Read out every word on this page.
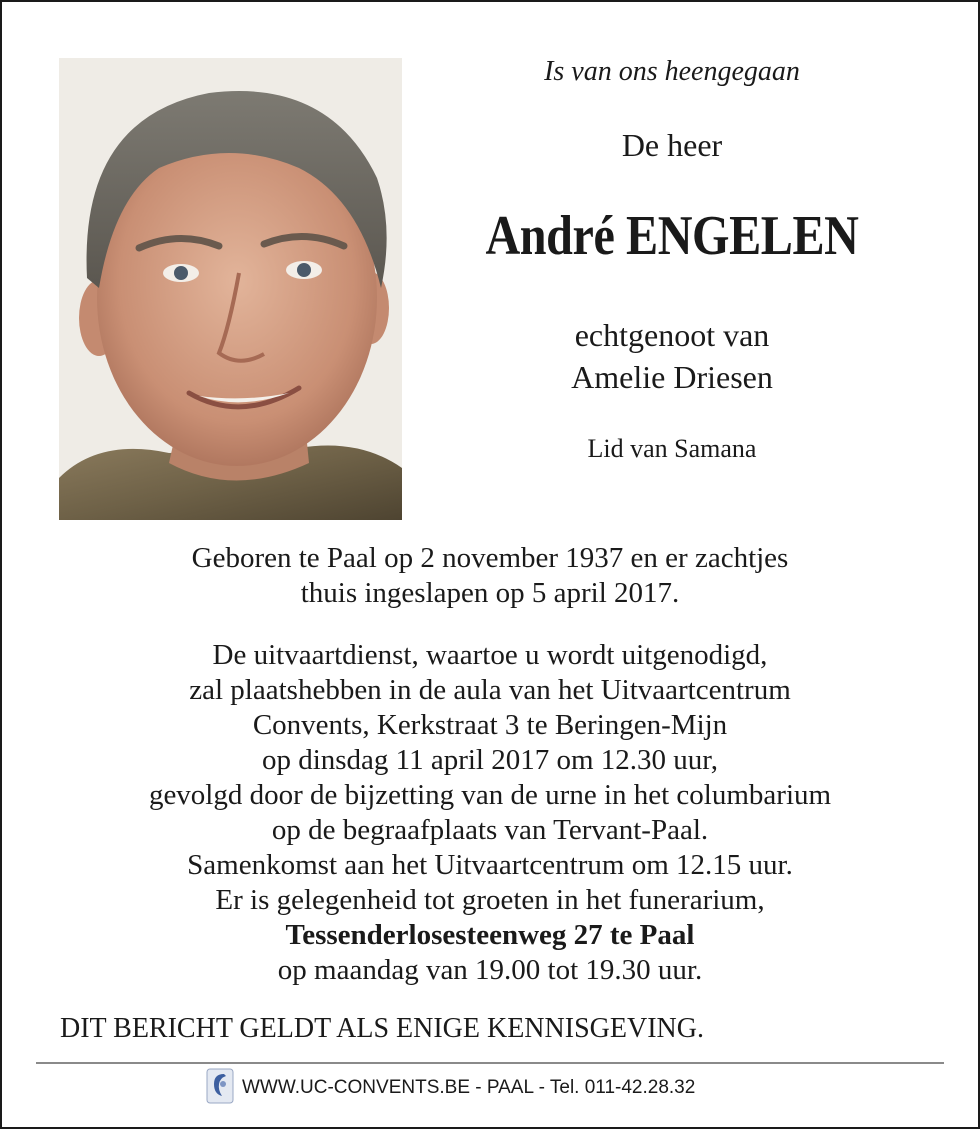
Is van ons heengegaan
De heer
André ENGELEN
echtgenoot van
Amelie Driesen
Lid van Samana
Geboren te Paal op 2 november 1937 en er zachtjes
thuis ingeslapen op 5 april 2017.
De uitvaartdienst, waartoe u wordt uitgenodigd,
zal plaatshebben in de aula van het Uitvaartcentrum
Convents, Kerkstraat 3 te Beringen-Mijn
op dinsdag 11 april 2017 om 12.30 uur,
gevolgd door de bijzetting van de urne in het columbarium
op de begraafplaats van Tervant-Paal.
Samenkomst aan het Uitvaartcentrum om 12.15 uur.
Er is gelegenheid tot groeten in het funerarium,
Tessenderlosesteenweg 27 te Paal
op maandag van 19.00 tot 19.30 uur.
DIT BERICHT GELDT ALS ENIGE KENNISGEVING.
WWW.UC-CONVENTS.BE - PAAL - Tel. 011-42.28.32
